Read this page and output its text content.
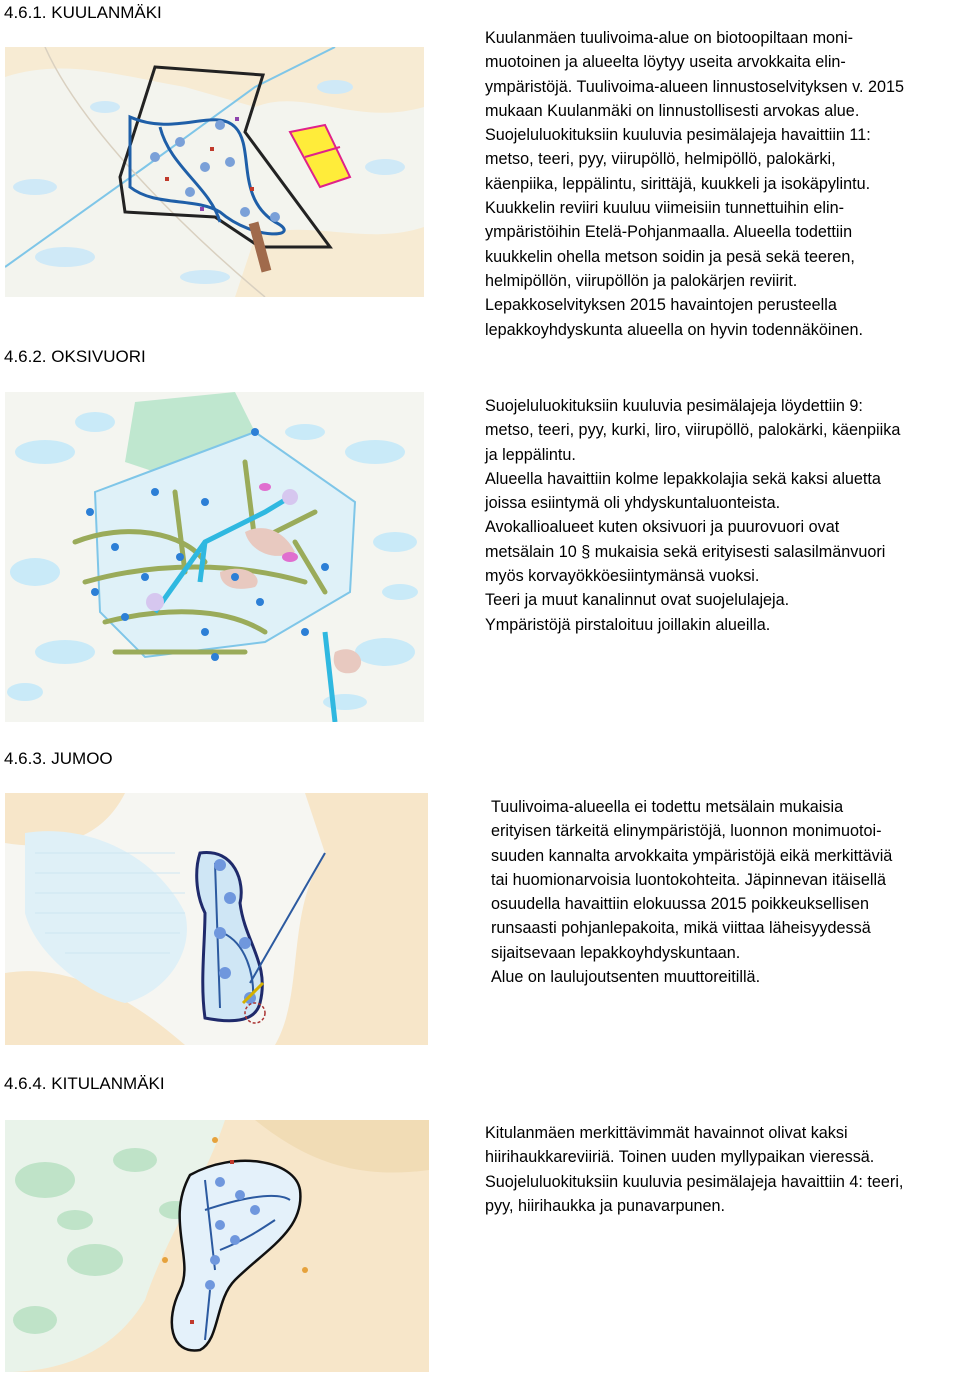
4.6.1. KUULANMÄKI
Kuulanmäen tuulivoima-alue on biotoopiltaan moni-
muotoinen ja alueelta löytyy useita arvokkaita elin-
ympäristöjä. Tuulivoima-alueen linnustoselvityksen v. 2015
mukaan Kuulanmäki on linnustollisesti arvokas alue.
Suojeluluokituksiin kuuluvia pesimälajeja havaittiin 11:
metso, teeri, pyy, viirupöllö, helmipöllö, palokärki,
käenpiika, leppälintu, sirittäjä, kuukkeli ja isokäpylintu.
Kuukkelin reviiri kuuluu viimeisiin tunnettuihin elin-
ympäristöihin Etelä-Pohjanmaalla. Alueella todettiin
kuukkelin ohella metson soidin ja pesä sekä teeren,
helmipöllön, viirupöllön ja palokärjen reviirit.
Lepakkoselvityksen 2015 havaintojen perusteella
lepakkoyhdyskunta alueella on hyvin todennäköinen.
4.6.2. OKSIVUORI
Suojeluluokituksiin kuuluvia pesimälajeja löydettiin 9:
metso, teeri, pyy, kurki, liro, viirupöllö, palokärki, käenpiika
ja leppälintu.
Alueella havaittiin kolme lepakkolajia sekä kaksi aluetta
joissa esiintymä oli yhdyskuntaluonteista.
Avokallioalueet kuten oksivuori ja puurovuori ovat
metsälain 10 § mukaisia sekä erityisesti salasilmänvuori
myös korvayökköesiintymänsä vuoksi.
Teeri ja muut kanalinnut ovat suojelulajeja.
Ympäristöjä pirstaloituu joillakin alueilla.
4.6.3. JUMOO
Tuulivoima-alueella ei todettu metsälain mukaisia
erityisen tärkeitä elinympäristöjä, luonnon monimuotoi-
suuden kannalta arvokkaita ympäristöjä eikä merkittäviä
tai huomionarvoisia luontokohteita. Jäpinnevan itäisellä
osuudella havaittiin elokuussa 2015 poikkeuksellisen
runsaasti pohjanlepakoita, mikä viittaa läheisyydessä
sijaitsevaan lepakkoyhdyskuntaan.
Alue on laulujoutsenten muuttoreitillä.
4.6.4. KITULANMÄKI
Kitulanmäen merkittävimmät havainnot olivat kaksi
hiirihaukkareviiriä. Toinen uuden myllypaikan vieressä.
Suojeluluokituksiin kuuluvia pesimälajeja havaittiin 4: teeri,
pyy, hiirihaukka ja punavarpunen.
